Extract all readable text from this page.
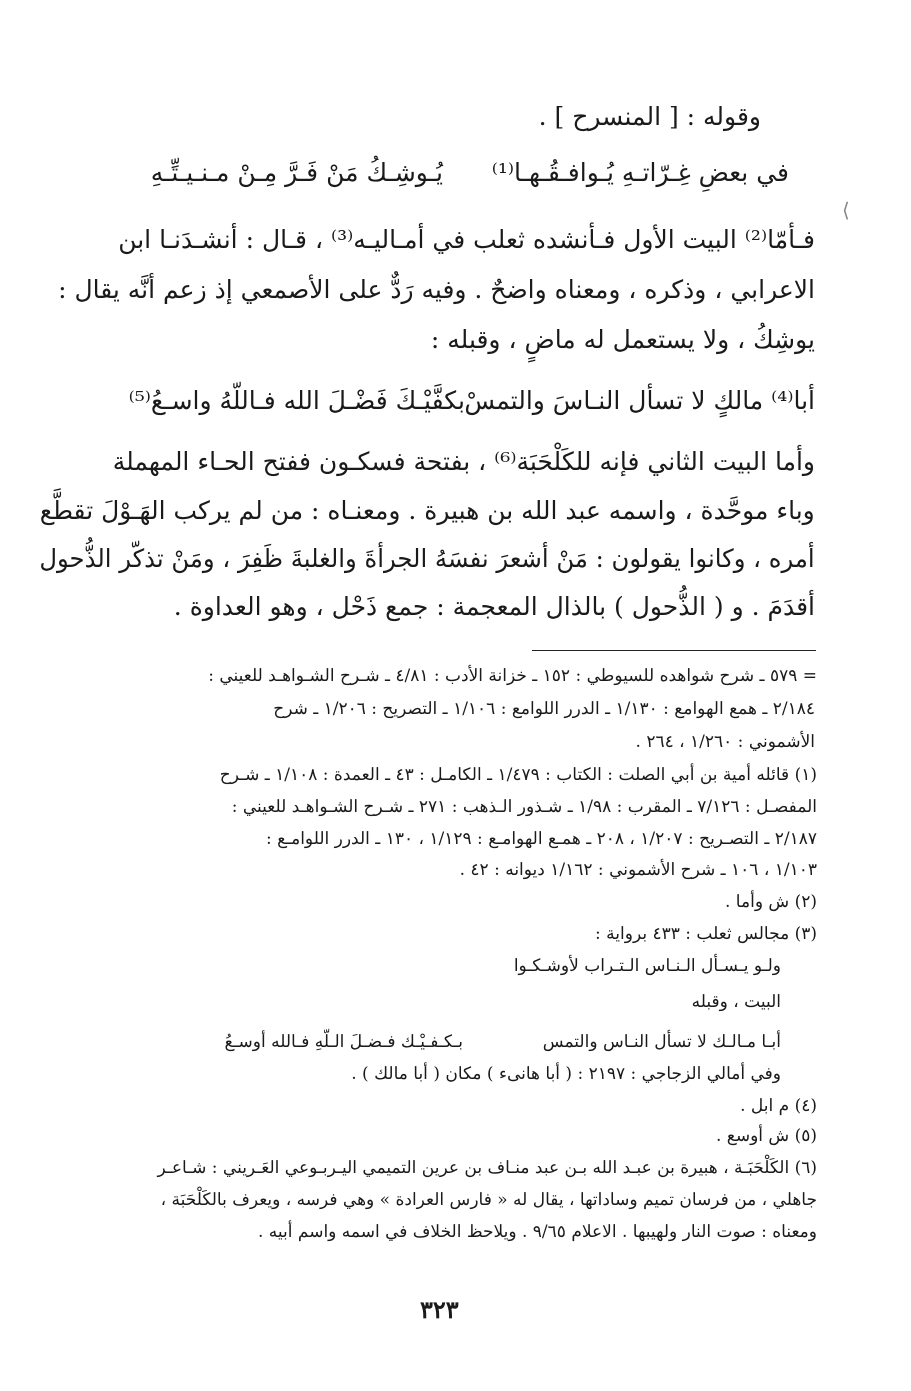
وقوله : [ المنسرح ] .
يُـوشِـكُ مَنْ فَـرَّ مِـنْ مـنـيـتِّـهِ في بعضِ غِـرّاتـهِ يُـوافـقُـهـا⁽¹⁾
فـأمّا⁽²⁾ البيت الأول فـأنشده ثعلب في أمـاليـه⁽³⁾ ، قـال : أنشـدَنـا ابن
الاعرابي ، وذكره ، ومعناه واضحٌ . وفيه رَدٌّ على الأصمعي إذ زعم أنَّه يقال :
يوشِكُ ، ولا يستعمل له ماضٍ ، وقبله :
أبا⁽⁴⁾ مالكٍ لا تسأل النـاسَ والتمسْ
بكفَّيْـكَ فَضْـلَ الله فـاللّهُ واسـعُ⁽⁵⁾
وأما البيت الثاني فإنه للكَلْحَبَة⁽⁶⁾ ، بفتحة فسكـون ففتح الحـاء المهملة
وباء موحَّدة ، واسمه عبد الله بن هبيرة . ومعنـاه : من لم يركب الهَـوْلَ تقطَّع
أمره ، وكانوا يقولون : مَنْ أشعرَ نفسَهُ الجرأةَ والغلبةَ ظَفِرَ ، ومَنْ تذكّر الذُّحول
أقدَمَ . و ( الذُّحول ) بالذال المعجمة : جمع ذَحْل ، وهو العداوة .
⟨
= ٥٧٩ ـ شرح شواهده للسيوطي : ١٥٢ ـ خزانة الأدب : ٤/٨١ ـ شـرح الشـواهـد للعيني :
٢/١٨٤ ـ همع الهوامع : ١/١٣٠ ـ الدرر اللوامع : ١/١٠٦ ـ التصريح : ١/٢٠٦ ـ شرح
الأشموني : ١/٢٦٠ ، ٢٦٤ .
(١) قائله أمية بن أبي الصلت : الكتاب : ١/٤٧٩ ـ الكامـل : ٤٣ ـ العمدة : ١/١٠٨ ـ شـرح
المفصـل : ٧/١٢٦ ـ المقرب : ١/٩٨ ـ شـذور الـذهب : ٢٧١ ـ شـرح الشـواهـد للعيني :
٢/١٨٧ ـ التصـريح : ١/٢٠٧ ، ٢٠٨ ـ همـع الهوامـع : ١/١٢٩ ، ١٣٠ ـ الدرر اللوامـع :
١/١٠٣ ، ١٠٦ ـ شرح الأشموني : ١/١٦٢ ديوانه : ٤٢ .
(٢) ش وأما .
(٣) مجالس ثعلب : ٤٣٣ برواية :
ولـو يـسـأل الـنـاس الـتـراب لأوشـكـوا
البيت ، وقبله
أبـا مـالـك لا تسأل النـاس والتمس
بـكـفـيْـك فـضـلَ الـلّهِ فـالله أوسـعُ
وفي أمالي الزجاجي : ٢١٩٧ : ( أبا هانىء ) مكان ( أبا مالك ) .
(٤) م ابل .
(٥) ش أوسع .
(٦) الكَلْحَبَـة ، هبيرة بن عبـد الله بـن عبد منـاف بن عرين التميمي اليـربـوعي العَـريني : شـاعـر
جاهلي ، من فرسان تميم وساداتها ، يقال له « فارس العرادة » وهي فرسه ، ويعرف بالكَلْحَبَة ،
ومعناه : صوت النار ولهيبها . الاعلام ٩/٦٥ . ويلاحظ الخلاف في اسمه واسم أبيه .
٣٢٣
